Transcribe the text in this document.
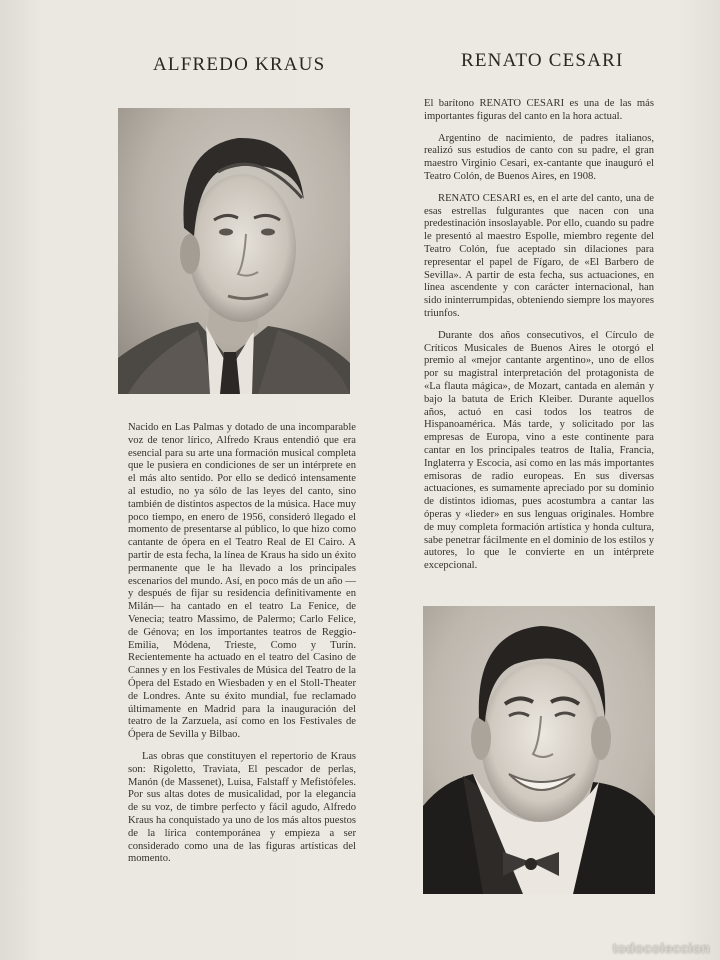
ALFREDO KRAUS

Nacido en Las Palmas y dotado de una incomparable voz de tenor lírico, Alfredo Kraus entendió que era esencial para su arte una formación musical completa que le pusiera en condiciones de ser un intérprete en el más alto sentido. Por ello se dedicó intensamente al estudio, no ya sólo de las leyes del canto, sino también de distintos aspectos de la música. Hace muy poco tiempo, en enero de 1956, consideró llegado el momento de presentarse al público, lo que hizo como cantante de ópera en el Teatro Real de El Cairo. A partir de esta fecha, la línea de Kraus ha sido un éxito permanente que le ha llevado a los principales escenarios del mundo. Así, en poco más de un año —y después de fijar su residencia definitivamente en Milán— ha cantado en el teatro La Fenice, de Venecia; teatro Massimo, de Palermo; Carlo Felice, de Génova; en los importantes teatros de Reggio-Emilia, Módena, Trieste, Como y Turín. Recientemente ha actuado en el teatro del Casino de Cannes y en los Festivales de Música del Teatro de la Ópera del Estado en Wiesbaden y en el Stoll-Theater de Londres. Ante su éxito mundial, fue reclamado últimamente en Madrid para la inauguración del teatro de la Zarzuela, así como en los Festivales de Ópera de Sevilla y Bilbao.

Las obras que constituyen el repertorio de Kraus son: Rigoletto, Traviata, El pescador de perlas, Manón (de Massenet), Luisa, Falstaff y Mefistófeles. Por sus altas dotes de musicalidad, por la elegancia de su voz, de timbre perfecto y fácil agudo, Alfredo Kraus ha conquistado ya uno de los más altos puestos de la lírica contemporánea y empieza a ser considerado como una de las figuras artísticas del momento.

RENATO CESARI

El barítono RENATO CESARI es una de las más importantes figuras del canto en la hora actual.

Argentino de nacimiento, de padres italianos, realizó sus estudios de canto con su padre, el gran maestro Virginio Cesari, ex-cantante que inauguró el Teatro Colón, de Buenos Aires, en 1908.

RENATO CESARI es, en el arte del canto, una de esas estrellas fulgurantes que nacen con una predestinación insoslayable. Por ello, cuando su padre le presentó al maestro Espolle, miembro regente del Teatro Colón, fue aceptado sin dilaciones para representar el papel de Fígaro, de «El Barbero de Sevilla». A partir de esta fecha, sus actuaciones, en línea ascendente y con carácter internacional, han sido ininterrumpidas, obteniendo siempre los mayores triunfos.

Durante dos años consecutivos, el Círculo de Críticos Musicales de Buenos Aires le otorgó el premio al «mejor cantante argentino», uno de ellos por su magistral interpretación del protagonista de «La flauta mágica», de Mozart, cantada en alemán y bajo la batuta de Erich Kleiber. Durante aquellos años, actuó en casi todos los teatros de Hispanoamérica. Más tarde, y solicitado por las empresas de Europa, vino a este continente para cantar en los principales teatros de Italia, Francia, Inglaterra y Escocia, así como en las más importantes emisoras de radio europeas. En sus diversas actuaciones, es sumamente apreciado por su dominio de distintos idiomas, pues acostumbra a cantar las óperas y «lieder» en sus lenguas originales. Hombre de muy completa formación artística y honda cultura, sabe penetrar fácilmente en el dominio de los estilos y autores, lo que le convierte en un intérprete excepcional.

todocoleccion
